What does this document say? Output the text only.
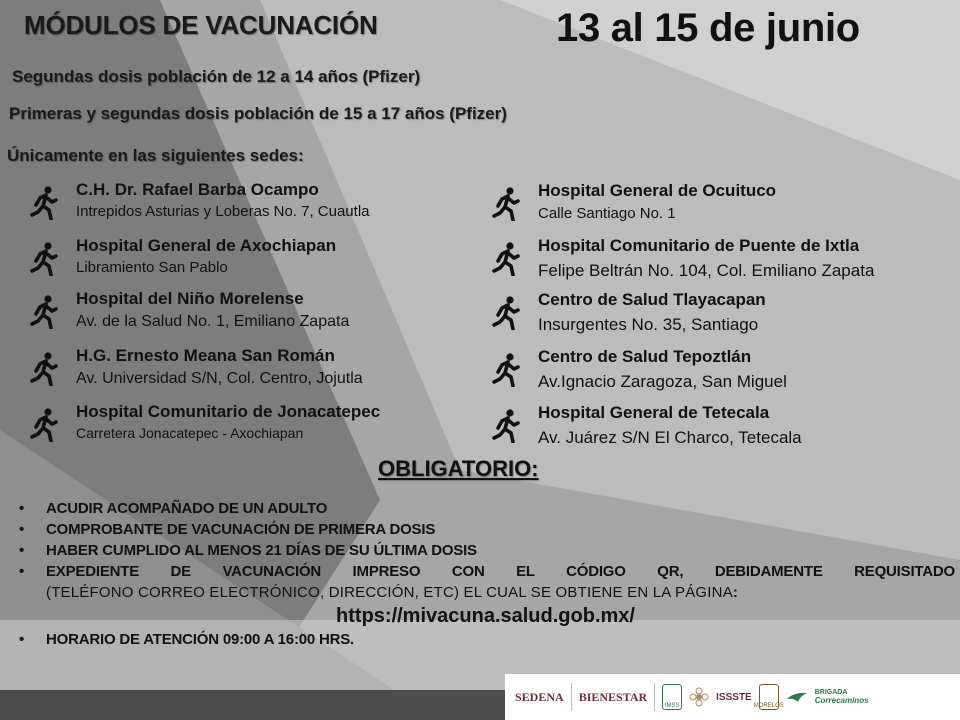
MÓDULOS DE VACUNACIÓN	13 al 15 de junio
Segundas dosis población de 12 a 14 años (Pfizer)
Primeras y segundas dosis población de 15 a 17 años (Pfizer)
Únicamente en las siguientes sedes:
C.H. Dr. Rafael Barba Ocampo
Intrepidos Asturias y Loberas No. 7, Cuautla
Hospital General de Axochiapan
Libramiento San Pablo
Hospital del Niño Morelense
Av. de la Salud No. 1, Emiliano Zapata
H.G. Ernesto Meana San Román
Av. Universidad S/N, Col. Centro, Jojutla
Hospital Comunitario de Jonacatepec
Carretera Jonacatepec - Axochiapan
Hospital General de Ocuituco
Calle Santiago No. 1
Hospital Comunitario de Puente de Ixtla
Felipe Beltrán No. 104, Col. Emiliano Zapata
Centro de Salud Tlayacapan
Insurgentes No. 35, Santiago
Centro de Salud Tepoztlán
Av.Ignacio Zaragoza, San Miguel
Hospital General de Tetecala
Av. Juárez S/N El Charco, Tetecala
OBLIGATORIO:
• ACUDIR ACOMPAÑADO DE UN ADULTO
• COMPROBANTE DE VACUNACIÓN DE PRIMERA DOSIS
• HABER CUMPLIDO AL MENOS 21 DÍAS DE SU ÚLTIMA DOSIS
• EXPEDIENTE DE VACUNACIÓN IMPRESO CON EL CÓDIGO QR, DEBIDAMENTE REQUISITADO
(TELÉFONO CORREO ELECTRÓNICO, DIRECCIÓN, ETC) EL CUAL SE OBTIENE EN LA PÁGINA:
https://mivacuna.salud.gob.mx/
• HORARIO DE ATENCIÓN 09:00 A 16:00 HRS.
SEDENA BIENESTAR
IMSS
ISSSTE
MORELOS
BRIGADA
Correcaminos
